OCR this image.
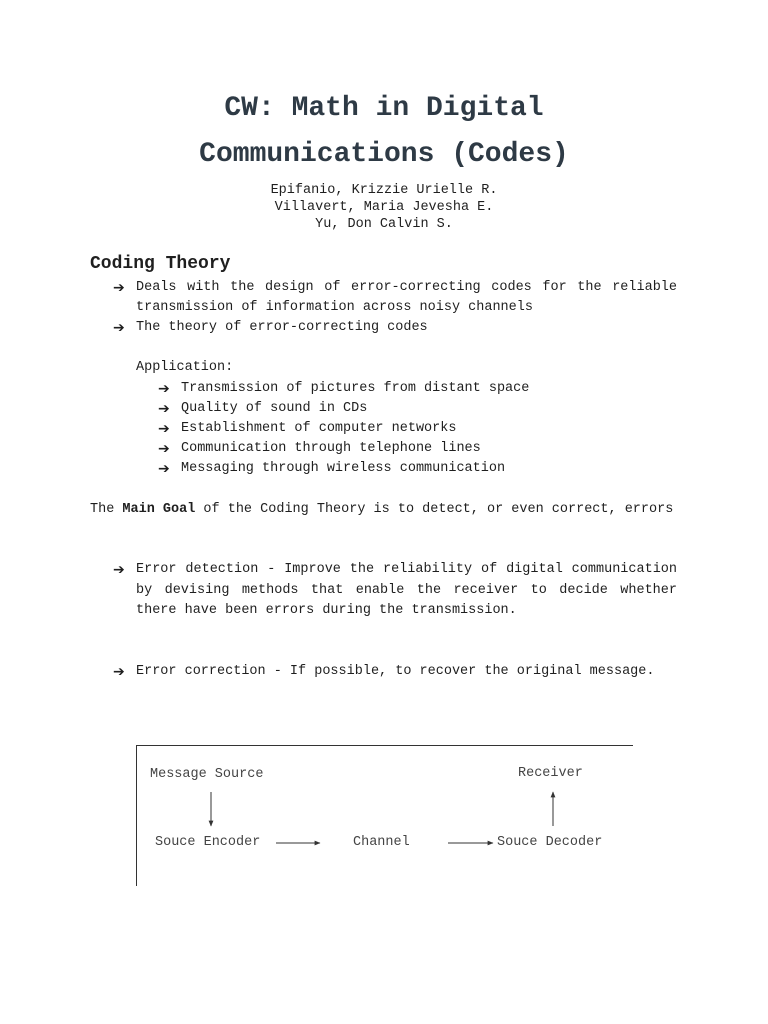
CW: Math in Digital
Communications (Codes)
Epifanio, Krizzie Urielle R.
Villavert, Maria Jevesha E.
Yu, Don Calvin S.
Coding Theory
➔ Deals with the design of error-correcting codes for the reliable transmission of information across noisy channels
➔ The theory of error-correcting codes
Application:
➔ Transmission of pictures from distant space
➔ Quality of sound in CDs
➔ Establishment of computer networks
➔ Communication through telephone lines
➔ Messaging through wireless communication
The Main Goal of the Coding Theory is to detect, or even correct, errors
➔ Error detection - Improve the reliability of digital communication by devising methods that enable the receiver to decide whether there have been errors during the transmission.
➔ Error correction - If possible, to recover the original message.
Message Source	Receiver
Souce Encoder	Channel	Souce Decoder
